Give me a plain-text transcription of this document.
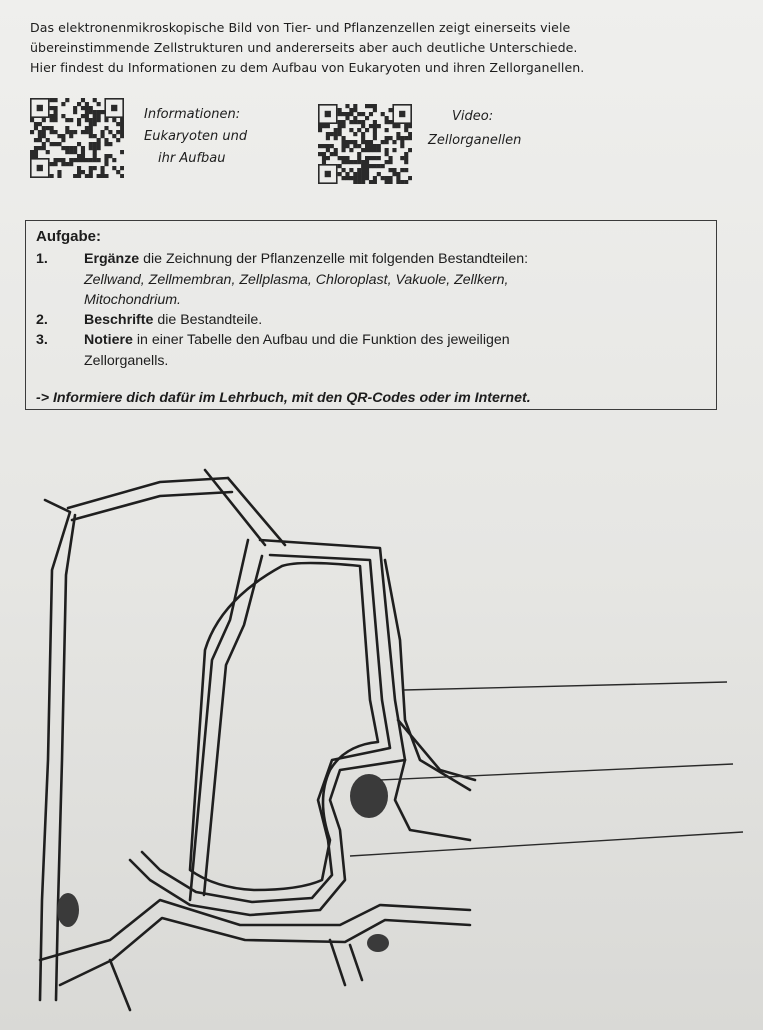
Das elektronenmikroskopische Bild von Tier- und Pflanzenzellen zeigt einerseits viele

übereinstimmende Zellstrukturen und andererseits aber auch deutliche Unterschiede.

Hier findest du Informationen zu dem Aufbau von Eukaryoten und ihren Zellorganellen.

Informationen:
Eukaryoten und
ihr Aufbau
Video:
Zellorganellen
Aufgabe:
1.	Ergänze die Zeichnung der Pflanzenzelle mit folgenden Bestandteilen:
Zellwand, Zellmembran, Zellplasma, Chloroplast, Vakuole, Zellkern,
Mitochondrium.
2.	Beschrifte die Bestandteile.
3.	Notiere in einer Tabelle den Aufbau und die Funktion des jeweiligen
Zellorganells.
-> Informiere dich dafür im Lehrbuch, mit den QR-Codes oder im Internet.
